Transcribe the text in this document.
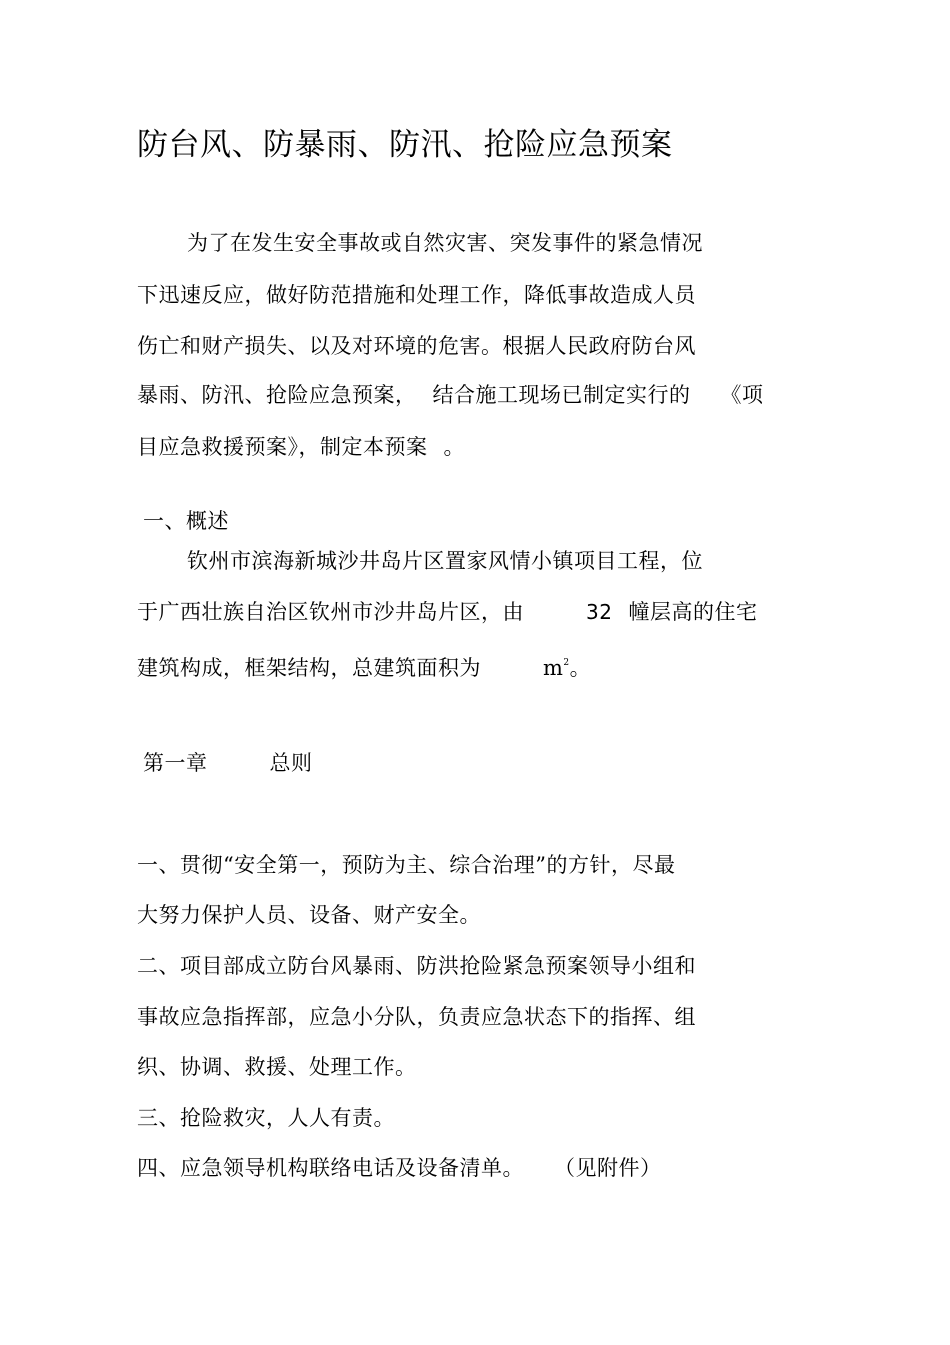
防台风、防暴雨、防汛、抢险应急预案
为了在发生安全事故或自然灾害、突发事件的紧急情况
下迅速反应，做好防范措施和处理工作，降低事故造成人员
伤亡和财产损失、以及对环境的危害。根据人民政府防台风
暴雨、防汛、抢险应急预案， 结合施工现场已制定实行的 《项
目应急救援预案》，制定本预案 。
一、概述
钦州市滨海新城沙井岛片区置家风情小镇项目工程，位
于广西壮族自治区钦州市沙井岛片区，由	32 幢层高的住宅
建筑构成，框架结构，总建筑面积为	$m^2$。
第一章	总则
一、贯彻“安全第一，预防为主、综合治理”的方针，尽最
大努力保护人员、设备、财产安全。
二、项目部成立防台风暴雨、防洪抢险紧急预案领导小组和
事故应急指挥部，应急小分队，负责应急状态下的指挥、组
织、协调、救援、处理工作。
三、抢险救灾，人人有责。
四、应急领导机构联络电话及设备清单。 （见附件）
